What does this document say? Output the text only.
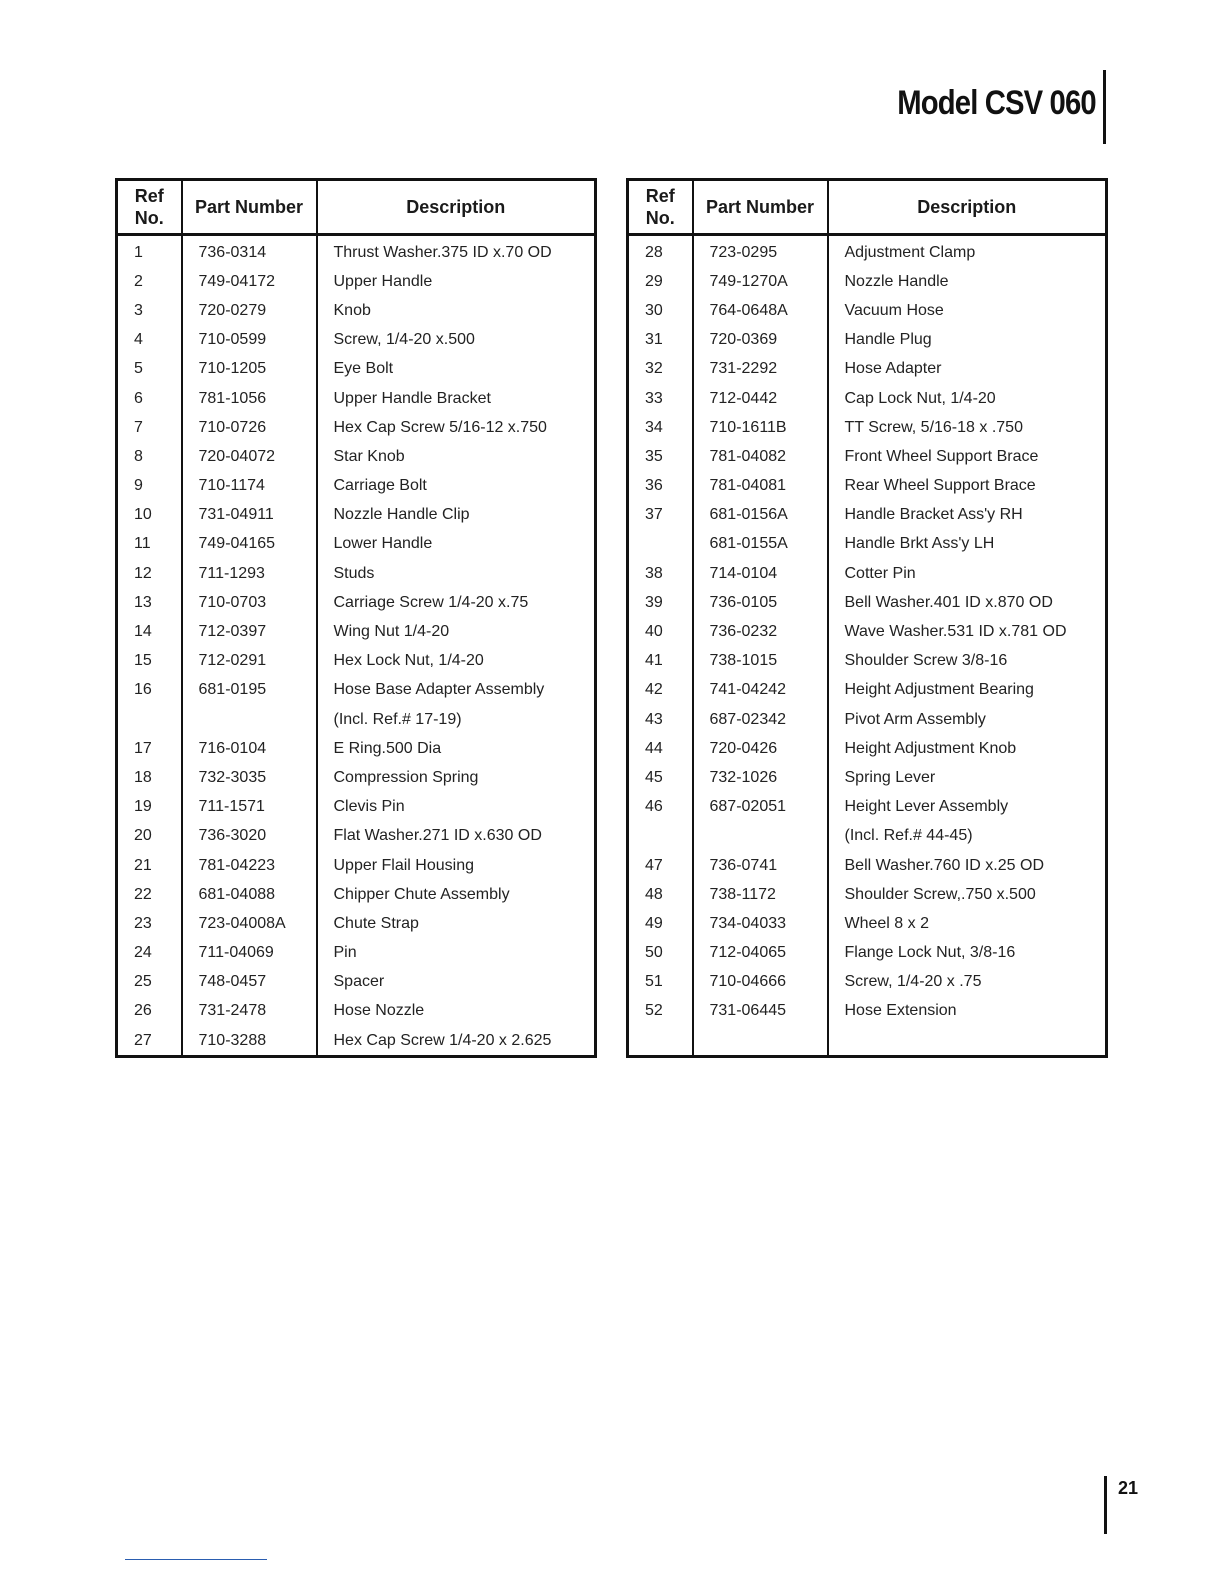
Model CSV 060
Ref
No.	Part Number	Description
1	736-0314	Thrust Washer.375 ID x.70 OD
2	749-04172	Upper Handle
3	720-0279	Knob
4	710-0599	Screw, 1/4-20 x.500
5	710-1205	Eye Bolt
6	781-1056	Upper Handle Bracket
7	710-0726	Hex Cap Screw 5/16-12 x.750
8	720-04072	Star Knob
9	710-1174	Carriage Bolt
10	731-04911	Nozzle Handle Clip
11	749-04165	Lower Handle
12	711-1293	Studs
13	710-0703	Carriage Screw 1/4-20 x.75
14	712-0397	Wing Nut 1/4-20
15	712-0291	Hex Lock Nut, 1/4-20
16	681-0195	Hose Base Adapter Assembly
		(Incl. Ref.# 17-19)
17	716-0104	E Ring.500 Dia
18	732-3035	Compression Spring
19	711-1571	Clevis Pin
20	736-3020	Flat Washer.271 ID x.630 OD
21	781-04223	Upper Flail Housing
22	681-04088	Chipper Chute Assembly
23	723-04008A	Chute Strap
24	711-04069	Pin
25	748-0457	Spacer
26	731-2478	Hose Nozzle
27	710-3288	Hex Cap Screw 1/4-20 x 2.625
Ref
No.	Part Number	Description
28	723-0295	Adjustment Clamp
29	749-1270A	Nozzle Handle
30	764-0648A	Vacuum Hose
31	720-0369	Handle Plug
32	731-2292	Hose Adapter
33	712-0442	Cap Lock Nut, 1/4-20
34	710-1611B	TT Screw, 5/16-18 x .750
35	781-04082	Front Wheel Support Brace
36	781-04081	Rear Wheel Support Brace
37	681-0156A	Handle Bracket Ass'y RH
	681-0155A	Handle Brkt Ass'y LH
38	714-0104	Cotter Pin
39	736-0105	Bell Washer.401 ID x.870 OD
40	736-0232	Wave Washer.531 ID x.781 OD
41	738-1015	Shoulder Screw 3/8-16
42	741-04242	Height Adjustment Bearing
43	687-02342	Pivot Arm Assembly
44	720-0426	Height Adjustment Knob
45	732-1026	Spring Lever
46	687-02051	Height Lever Assembly
		(Incl. Ref.# 44-45)
47	736-0741	Bell Washer.760 ID x.25 OD
48	738-1172	Shoulder Screw,.750 x.500
49	734-04033	Wheel 8 x 2
50	712-04065	Flange Lock Nut, 3/8-16
51	710-04666	Screw, 1/4-20 x .75
52	731-06445	Hose Extension

21
